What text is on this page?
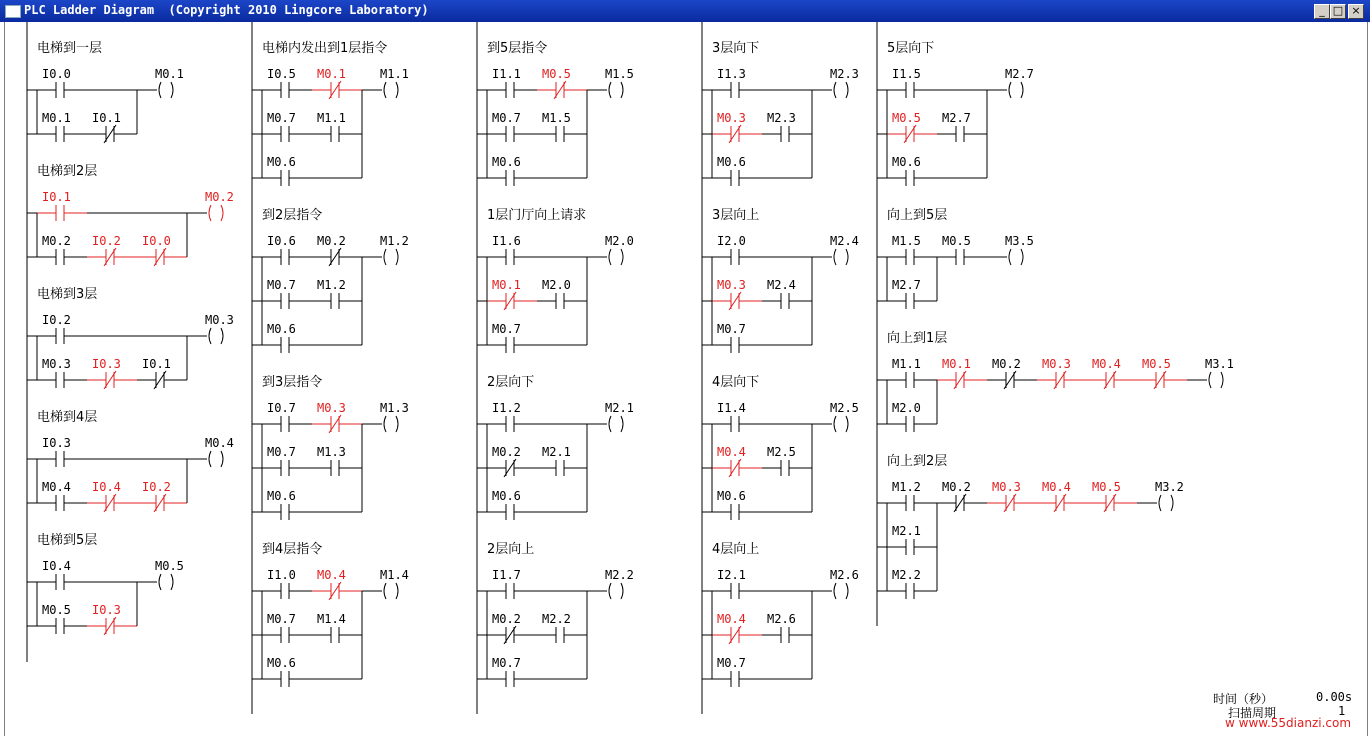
PLC Ladder Diagram  (Copyright 2010 Lingcore Laboratory)	_ □ ×
电梯到一层
I0.0
M0.1 I0.1
M0.1
电梯到2层
I0.1
M0.2 I0.2 I0.0
M0.2
电梯到3层
I0.2
M0.3 I0.3 I0.1
M0.3
电梯到4层
I0.3
M0.4 I0.4 I0.2
M0.4
电梯到5层
I0.4
M0.5 I0.3
M0.5
电梯内发出到1层指令
I0.5 M0.1
M0.7 M1.1
M0.6
M1.1
到2层指令
I0.6 M0.2
M0.7 M1.2
M0.6
M1.2
到3层指令
I0.7 M0.3
M0.7 M1.3
M0.6
M1.3
到4层指令
I1.0 M0.4
M0.7 M1.4
M0.6
M1.4
到5层指令
I1.1 M0.5
M0.7 M1.5
M0.6
M1.5
1层门厅向上请求
I1.6
M0.1 M2.0
M0.7
M2.0
2层向下
I1.2
M0.2 M2.1
M0.6
M2.1
2层向上
I1.7
M0.2 M2.2
M0.7
M2.2
3层向下
I1.3
M0.3 M2.3
M0.6
M2.3
3层向上
I2.0
M0.3 M2.4
M0.7
M2.4
4层向下
I1.4
M0.4 M2.5
M0.6
M2.5
4层向上
I2.1
M0.4 M2.6
M0.7
M2.6
5层向下
I1.5
M0.5 M2.7
M0.6
M2.7
向上到5层
M1.5 M0.5
M2.7
M3.5
向上到1层
M1.1 M0.1 M0.2 M0.3 M0.4 M0.5
M2.0
M3.1
向上到2层
M1.2 M0.2 M0.3 M0.4 M0.5
M2.1
M2.2
M3.2
时间（秒）	0.00s
扫描周期	1
w www.55dianzi.com
